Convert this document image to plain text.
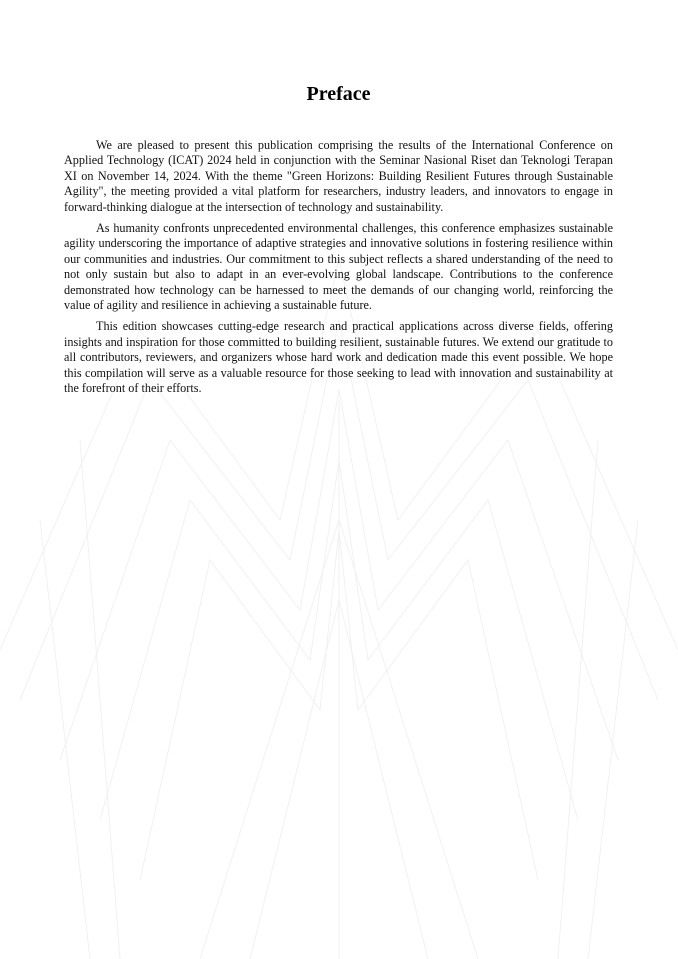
Preface

We are pleased to present this publication comprising the results of the International Conference on Applied Technology (ICAT) 2024 held in conjunction with the Seminar Nasional Riset dan Teknologi Terapan XI on November 14, 2024. With the theme "Green Horizons: Building Resilient Futures through Sustainable Agility", the meeting provided a vital platform for researchers, industry leaders, and innovators to engage in forward-thinking dialogue at the intersection of technology and sustainability.

As humanity confronts unprecedented environmental challenges, this conference emphasizes sustainable agility underscoring the importance of adaptive strategies and innovative solutions in fostering resilience within our communities and industries. Our commitment to this subject reflects a shared understanding of the need to not only sustain but also to adapt in an ever-evolving global landscape. Contributions to the conference demonstrated how technology can be harnessed to meet the demands of our changing world, reinforcing the value of agility and resilience in achieving a sustainable future.

This edition showcases cutting-edge research and practical applications across diverse fields, offering insights and inspiration for those committed to building resilient, sustainable futures. We extend our gratitude to all contributors, reviewers, and organizers whose hard work and dedication made this event possible. We hope this compilation will serve as a valuable resource for those seeking to lead with innovation and sustainability at the forefront of their efforts.
